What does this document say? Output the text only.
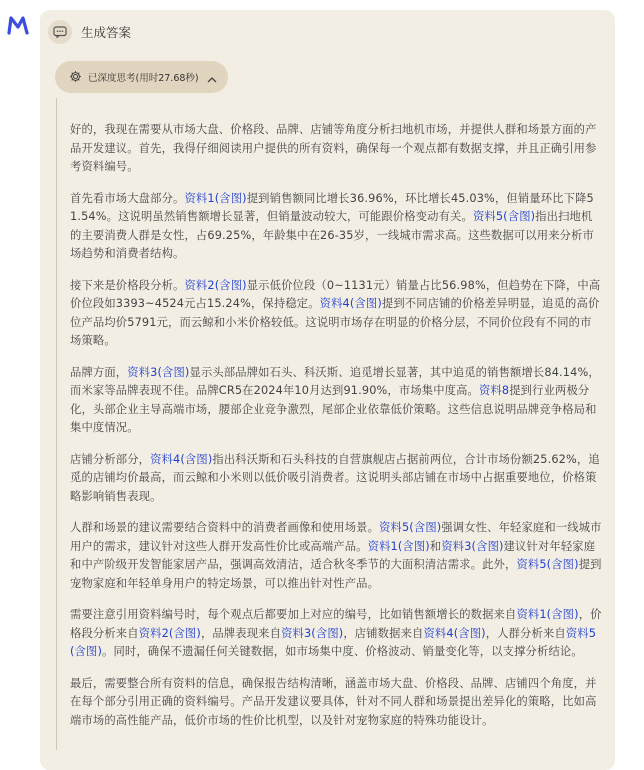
生成答案
已深度思考(用时27.68秒)

好的，我现在需要从市场大盘、价格段、品牌、店铺等角度分析扫地机市场，并提供人群和场景方面的产品开发建议。首先，我得仔细阅读用户提供的所有资料，确保每一个观点都有数据支撑，并且正确引用参考资料编号。

首先看市场大盘部分。资料1(含图)提到销售额同比增长36.96%，环比增长45.03%，但销量环比下降51.54%。这说明虽然销售额增长显著，但销量波动较大，可能跟价格变动有关。资料5(含图)指出扫地机的主要消费人群是女性，占69.25%，年龄集中在26-35岁，一线城市需求高。这些数据可以用来分析市场趋势和消费者结构。

接下来是价格段分析。资料2(含图)显示低价位段（0~1131元）销量占比56.98%，但趋势在下降，中高价位段如3393~4524元占15.24%，保持稳定。资料4(含图)提到不同店铺的价格差异明显，追觅的高价位产品均价5791元，而云鲸和小米价格较低。这说明市场存在明显的价格分层，不同价位段有不同的市场策略。

品牌方面，资料3(含图)显示头部品牌如石头、科沃斯、追觅增长显著，其中追觅的销售额增长84.14%，而米家等品牌表现不佳。品牌CR5在2024年10月达到91.90%，市场集中度高。资料8提到行业两极分化，头部企业主导高端市场，腰部企业竞争激烈，尾部企业依靠低价策略。这些信息说明品牌竞争格局和集中度情况。

店铺分析部分，资料4(含图)指出科沃斯和石头科技的自营旗舰店占据前两位，合计市场份额25.62%，追觅的店铺均价最高，而云鲸和小米则以低价吸引消费者。这说明头部店铺在市场中占据重要地位，价格策略影响销售表现。

人群和场景的建议需要结合资料中的消费者画像和使用场景。资料5(含图)强调女性、年轻家庭和一线城市用户的需求，建议针对这些人群开发高性价比或高端产品。资料1(含图)和资料3(含图)建议针对年轻家庭和中产阶级开发智能家居产品，强调高效清洁，适合秋冬季节的大面积清洁需求。此外，资料5(含图)提到宠物家庭和年轻单身用户的特定场景，可以推出针对性产品。

需要注意引用资料编号时，每个观点后都要加上对应的编号，比如销售额增长的数据来自资料1(含图)，价格段分析来自资料2(含图)，品牌表现来自资料3(含图)，店铺数据来自资料4(含图)，人群分析来自资料5(含图)。同时，确保不遗漏任何关键数据，如市场集中度、价格波动、销量变化等，以支撑分析结论。

最后，需要整合所有资料的信息，确保报告结构清晰，涵盖市场大盘、价格段、品牌、店铺四个角度，并在每个部分引用正确的资料编号。产品开发建议要具体，针对不同人群和场景提出差异化的策略，比如高端市场的高性能产品，低价市场的性价比机型，以及针对宠物家庭的特殊功能设计。
